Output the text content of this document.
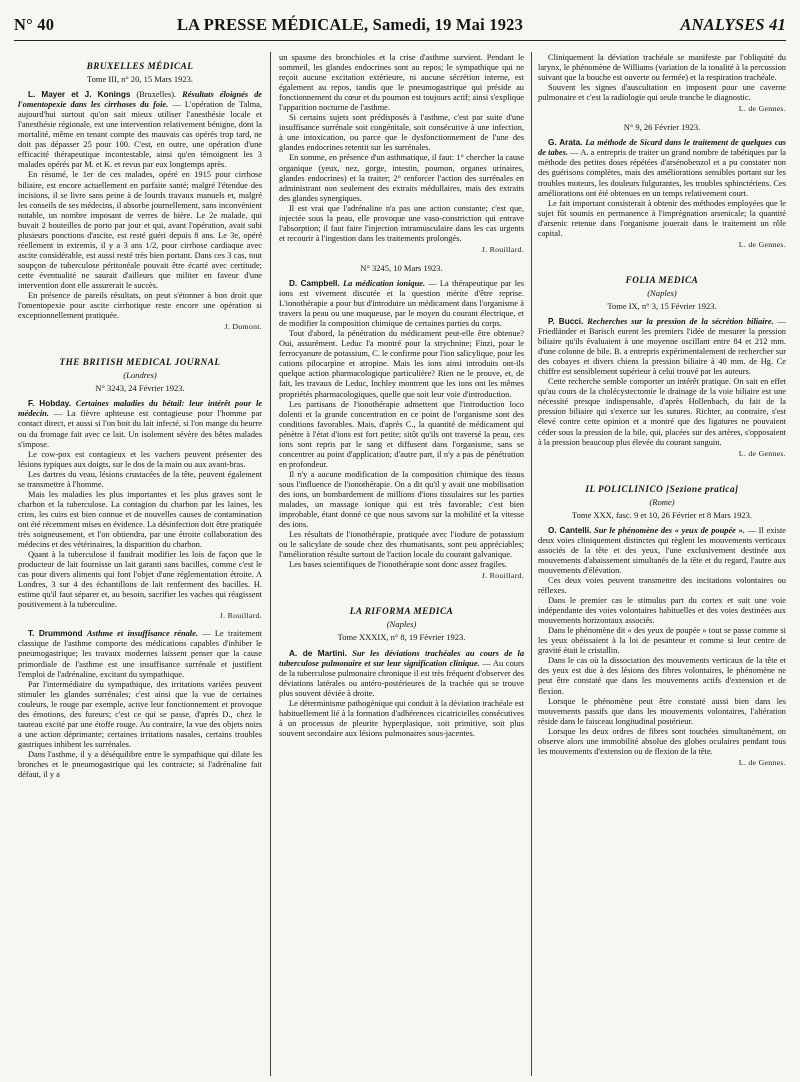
N° 40	LA PRESSE MÉDICALE, Samedi, 19 Mai 1923	ANALYSES 41
BRUXELLES MÉDICAL
Tome III, n° 20, 15 Mars 1923.

L. Mayer et J. Konings (Bruxelles). Résultats éloignés de l'omentopexie dans les cirrhoses du foie. — L'opération de Talma, aujourd'hui surtout qu'on sait mieux utiliser l'anesthésie locale et l'anesthésie régionale, est une intervention relativement bénigne, dont la mortalité, même en tenant compte des mauvais cas opérés trop tard, ne doit pas dépasser 25 pour 100. C'est, en outre, une opération d'une efficacité thérapeutique incontestable, ainsi qu'en témoignent les 3 malades opérés par M. et K. et revus par eux longtemps après.

En résumé, le 1er de ces malades, opéré en 1915 pour cirrhose biliaire, est encore actuellement en parfaite santé; malgré l'étendue des incisions, il se livre sans peine à de lourds travaux manuels et, malgré les conseils de ses médecins, il absorbe journellement, sans inconvénient notable, un nombre imposant de verres de bière. Le 2e malade, qui buvait 2 bouteilles de porto par jour et qui, avant l'opération, avait subi plusieurs ponctions d'ascite, est resté guéri depuis 8 ans. Le 3e, opéré réellement in extremis, il y a 3 ans 1/2, pour cirrhose cardiaque avec ascite considérable, est aussi resté très bien portant. Dans ces 3 cas, tout soupçon de tuberculose péritonéale pouvait être écarté avec certitude; cette éventualité ne saurait d'ailleurs que militer en faveur d'une intervention dont elle assurerait le succès.

En présence de pareils résultats, on peut s'étonner à bon droit que l'omentopexie pour ascite cirrhotique reste encore une opération si exceptionnellement pratiquée.

J. Dumont.
THE BRITISH MEDICAL JOURNAL
(Londres)
N° 3243, 24 Février 1923.

F. Hobday. Certaines maladies du bétail: leur intérêt pour le médecin. — La fièvre aphteuse est contagieuse pour l'homme par contact direct, et aussi si l'on boit du lait infecté, si l'on mange du beurre ou du fromage fait avec ce lait. Un isolement sévère des bêtes malades s'impose.

Le cow-pox est contagieux et les vachers peuvent présenter des lésions typiques aux doigts, sur le dos de la main ou aux avant-bras.

Les dartres du veau, lésions crustacées de la tête, peuvent également se transmettre à l'homme.

Mais les maladies les plus importantes et les plus graves sont le charbon et la tuberculose. La contagion du charbon par les laines, les crins, les cuirs est bien connue et de nouvelles causes de contamination ont été récemment mises en évidence. La désinfection doit être pratiquée très soigneusement, et l'on obtiendra, par une étroite collaboration des médecins et des vétérinaires, la disparition du charbon.

Quant à la tuberculose il faudrait modifier les lois de façon que le producteur de lait fournisse un lait garanti sans bacilles, comme c'est le cas pour divers aliments qui font l'objet d'une réglementation étroite. A Londres, 3 sur 4 des échantillons de lait renferment des bacilles. H. estime qu'il faut séparer et, au besoin, sacrifier les vaches qui réagissent positivement à la tuberculine.

J. Rouillard.

T. Drummond Asthme et insuffisance rénale. — Le traitement classique de l'asthme comporte des médications capables d'inhiber le pneumogastrique; les travaux modernes laissent penser que la cause primordiale de l'asthme est une insuffisance surrénale et justifient l'emploi de l'adrénaline, excitant du sympathique.

Par l'intermédiaire du sympathique, des irritations variées peuvent stimuler les glandes surrénales; c'est ainsi que la vue de certaines couleurs, le rouge par exemple, active leur fonctionnement et provoque des émotions, des fureurs; c'est ce qui se passe, d'après D., chez le taureau excité par une étoffe rouge. Au contraire, la vue des objets noirs a une action déprimante; certaines irritations nasales, certains troubles gastriques inhibent les surrénales.

Dans l'asthme, il y a déséquilibre entre le sympathique qui dilate les bronches et le pneumogastrique qui les contracte; si l'adrénaline fait défaut, il y a

un spasme des bronchioles et la crise d'asthme survient. Pendant le sommeil, les glandes endocrines sont au repos; le sympathique qui ne reçoit aucune excitation extérieure, ni aucune sécrétion interne, est également au repos, tandis que le pneumogastrique qui préside au fonctionnement du cœur et du poumon est toujours actif; ainsi s'explique l'apparition nocturne de l'asthme.

Si certains sujets sont prédisposés à l'asthme, c'est par suite d'une insuffisance surrénale soit congénitale, soit consécutive à une infection, à une intoxication, ou parce que le dysfonctionnement de l'une des glandes endocrines retentit sur les surrénales.

En somme, en présence d'un asthmatique, il faut: 1° chercher la cause organique (yeux, nez, gorge, intestin, poumon, organes urinaires, glandes endocrines) et la traiter; 2° renforcer l'action des surrénales en administrant non seulement des extraits médullaires, mais des extraits des glandes synergiques.

Il est vrai que l'adrénaline n'a pas une action constante; c'est que, injectée sous la peau, elle provoque une vaso-constriction qui entrave l'absorption; il faut faire l'injection intramusculaire dans les cas urgents et recourir à l'ingestion dans les traitements prolongés.

J. Rouillard.
N° 3245, 10 Mars 1923.

D. Campbell. La médication ionique. — La thérapeutique par les ions est vivement discutée et la question mérite d'être reprise. L'ionothérapie a pour but d'introduire un médicament dans l'organisme à travers la peau ou une muqueuse, par le moyen du courant électrique, et de modifier la composition chimique de certaines parties du corps.

Tout d'abord, la pénétration du médicament peut-elle être obtenue? Oui, assurément. Leduc l'a montré pour la strychnine; Finzi, pour le ferrocyanure de potassium, C. le confirme pour l'ion salicylique, pour les cations pilocarpine et atropine. Mais les ions ainsi introduits ont-ils quelque action pharmacologique particulière? Rien ne le prouve, et, de fait, les travaux de Leduc, Inchley montrent que les ions ont les mêmes propriétés pharmacologiques, quelle que soit leur voie d'introduction.

Les partisans de l'ionothérapie admettent que l'introduction loco dolenti et la grande concentration en ce point de l'organisme sont des conditions favorables. Mais, d'après C., la quantité de médicament qui pénètre à l'état d'ions est fort petite; sitôt qu'ils ont traversé la peau, ces ions sont repris par le sang et diffusent dans l'organisme, sans se concentrer au point d'application; d'autre part, il n'y a pas de pénétration en profondeur.

Il n'y a aucune modification de la composition chimique des tissus sous l'influence de l'ionothérapie. On a dit qu'il y avait une mobilisation des ions, un bombardement de millions d'ions tissulaires sur les parties malades, un massage ionique qui est très favorable; c'est bien improbable, étant donné ce que nous savons sur la mobilité et la vitesse des ions.

Les résultats de l'ionothérapie, pratiquée avec l'iodure de potassium ou le salicylate de soude chez des rhumatisants, sont peu appréciables; l'amélioration résulte surtout de l'action locale du courant galvanique.

Les bases scientifiques de l'ionothérapie sont donc assez fragiles.

J. Rouillard.
LA RIFORMA MEDICA
(Naples)
Tome XXXIX, n° 8, 19 Février 1923.

A. de Martini. Sur les déviations trachéales au cours de la tuberculose pulmonaire et sur leur signification clinique. — Au cours de la tuberculose pulmonaire chronique il est très fréquent d'observer des déviations latérales ou antéro-postérieures de la trachée qui se trouve plus souvent déviée à droite.

Le déterminisme pathogénique qui conduit à la déviation trachéale est habituellement lié à la formation d'adhérences cicatricielles consécutives à un processus de pleurite hyperplasique, soit primitive, soit plus souvent secondaire aux lésions pulmonaires sous-jacentes.

Cliniquement la déviation trachéale se manifeste par l'obliquité du larynx, le phénomène de Williams (variation de la tonalité à la percussion suivant que la bouche est ouverte ou fermée) et la respiration trachéale.

Souvent les signes d'auscultation en imposent pour une caverne pulmonaire et c'est la radiologie qui seule tranche le diagnostic.

L. de Gennes.
N° 9, 26 Février 1923.

G. Arata. La méthode de Sicard dans le traitement de quelques cas de tabes. — A. a entrepris de traiter un grand nombre de tabétiques par la méthode des petites doses répétées d'arsénobenzol et a pu constater non des guérisons complètes, mais des améliorations sensibles portant sur les troubles moteurs, les douleurs fulgurantes, les troubles sphinctériens. Ces améliorations ont été obtenues en un temps relativement court.

Le fait important consisterait à obtenir des méthodes employées que le sujet fût soumis en permanence à l'imprégnation arsenicale; la quantité d'arsenic retenue dans l'organisme jouerait dans le traitement un rôle capital.

L. de Gennes.
FOLIA MEDICA
(Naples)
Tome IX, n° 3, 15 Février 1923.

P. Bucci. Recherches sur la pression de la sécrétion biliaire. — Friedländer et Barisch eurent les premiers l'idée de mesurer la pression biliaire qu'ils évaluaient à une moyenne oscillant entre 84 et 212 mm. d'une colonne de bile. B. a entrepris expérimentalement de rechercher sur des cobayes et divers chiens la pression biliaire à 40 mm. de Hg. Ce chiffre est sensiblement supérieur à celui trouvé par les auteurs.

Cette recherche semble comporter un intérêt pratique. On sait en effet qu'au cours de la cholécystectomie le drainage de la voie biliaire est une nécessité presque indispensable, d'après Hollenbach, du fait de la pression biliaire qui s'exerce sur les sutures. Richter, au contraire, s'est élevé contre cette opinion et a montré que des ligatures ne pouvaient céder sous la pression de la bile, qui, placées sur des artères, s'opposaient à la pression beaucoup plus élevée du courant sanguin.

L. de Gennes.
IL POLICLINICO [Sezione pratica]
(Rome)
Tome XXX, fasc. 9 et 10, 26 Février et 8 Mars 1923.

O. Cantelli. Sur le phénomène des « yeux de poupée ». — Il existe deux voies cliniquement distinctes qui règlent les mouvements verticaux associés de la tête et des yeux, l'une exclusivement destinée aux mouvements d'abaissement simultanés de la tête et du regard, l'autre aux mouvements d'élévation.

Ces deux voies peuvent transmettre des incitations volontaires ou réflexes.

Dans le premier cas le stimulus part du cortex et suit une voie indépendante des voies volontaires habituelles et des voies destinées aux mouvements horizontaux associés.

Dans le phénomène dit « des yeux de poupée » tout se passe comme si les yeux obéissaient à la loi de pesanteur et comme si leur centre de gravité était le cristallin.

Dans le cas où la dissociation des mouvements verticaux de la tête et des yeux est due à des lésions des fibres volontaires, le phénomène ne peut être constaté que dans les mouvements actifs d'extension et de flexion.

Lorsque le phénomène peut être constaté aussi bien dans les mouvements passifs que dans les mouvements volontaires, l'altération réside dans le faisceau longitudinal postérieur.

Lorsque les deux ordres de fibres sont touchées simultanément, on observe alors une immobilité absolue des globes oculaires pendant tous les mouvements d'extension ou de flexion de la tête.

L. de Gennes.
